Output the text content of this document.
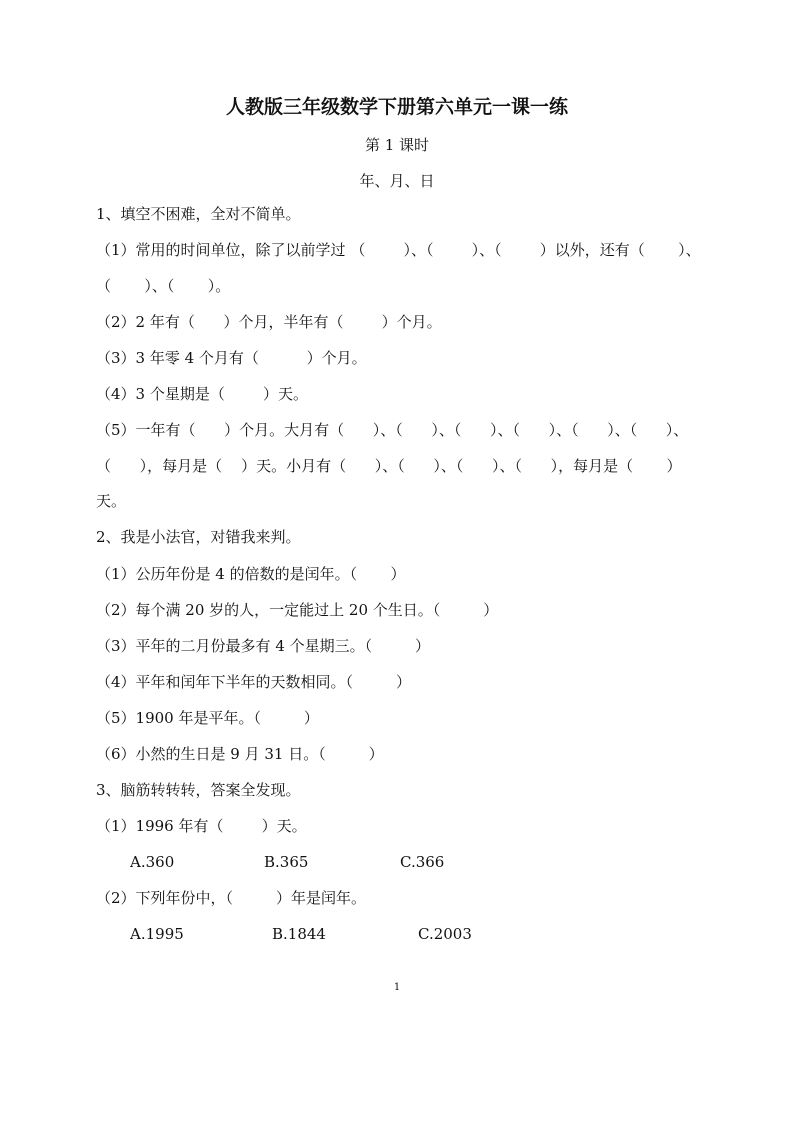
人教版三年级数学下册第六单元一课一练
第 1 课时
年、月、日
1、填空不困难，全对不简单。
（1）常用的时间单位，除了以前学过 （        ）、（        ）、（        ）以外，还有（       ）、
（       ）、（       ）。
（2）2 年有（      ）个月，半年有（        ）个月。
（3）3 年零 4 个月有（          ）个月。
（4）3 个星期是（        ）天。
（5）一年有（      ）个月。大月有（      ）、（      ）、（      ）、（      ）、（      ）、（      ）、
（      ），每月是（    ）天。小月有（      ）、（      ）、（      ）、（      ），每月是（       ）
天。
2、我是小法官，对错我来判。
（1）公历年份是 4 的倍数的是闰年。（       ）
（2）每个满 20 岁的人，一定能过上 20 个生日。（         ）
（3）平年的二月份最多有 4 个星期三。（         ）
（4）平年和闰年下半年的天数相同。（         ）
（5）1900 年是平年。（         ）
（6）小然的生日是 9 月 31 日。（         ）
3、脑筋转转转，答案全发现。
（1）1996 年有（        ）天。
A.360	B.365	C.366
（2）下列年份中，（         ）年是闰年。
A.1995	B.1844	C.2003
1
